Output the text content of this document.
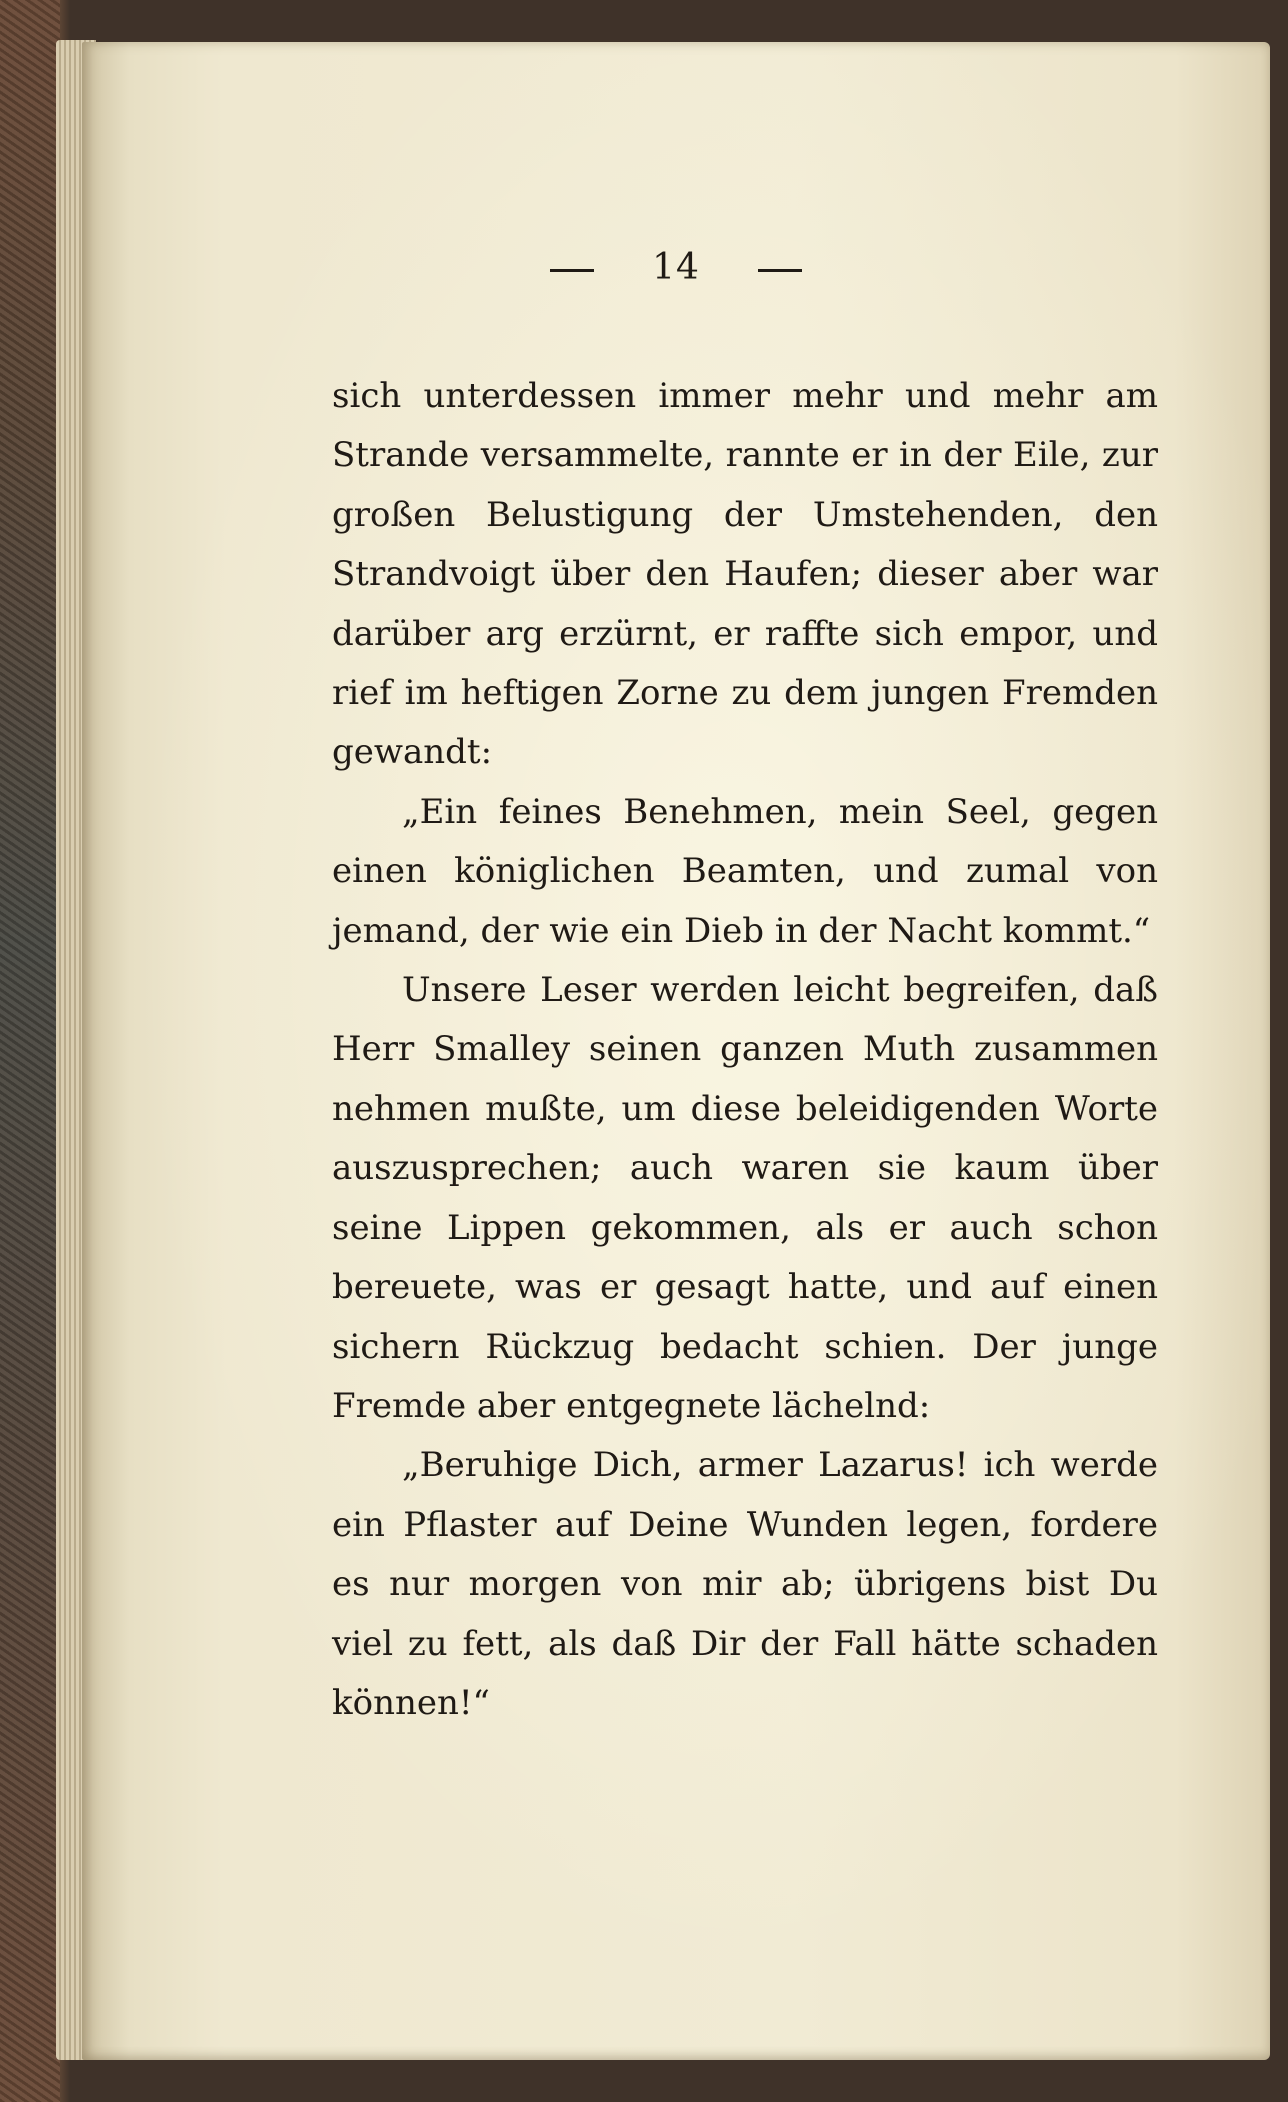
14

sich unterdessen immer mehr und mehr am Strande versammelte, rannte er in der Eile, zur großen Belustigung der Umstehenden, den Strandvoigt über den Haufen; dieser aber war darüber arg erzürnt, er raffte sich empor, und rief im heftigen Zorne zu dem jungen Fremden gewandt:

„Ein feines Benehmen, mein Seel, gegen einen königlichen Beamten, und zumal von jemand, der wie ein Dieb in der Nacht kommt.“

Unsere Leser werden leicht begreifen, daß Herr Smalley seinen ganzen Muth zusammen nehmen mußte, um diese beleidigenden Worte auszusprechen; auch waren sie kaum über seine Lippen gekommen, als er auch schon bereuete, was er gesagt hatte, und auf einen sichern Rückzug bedacht schien. Der junge Fremde aber entgegnete lächelnd:

„Beruhige Dich, armer Lazarus! ich werde ein Pflaster auf Deine Wunden legen, fordere es nur morgen von mir ab; übrigens bist Du viel zu fett, als daß Dir der Fall hätte schaden können!“
